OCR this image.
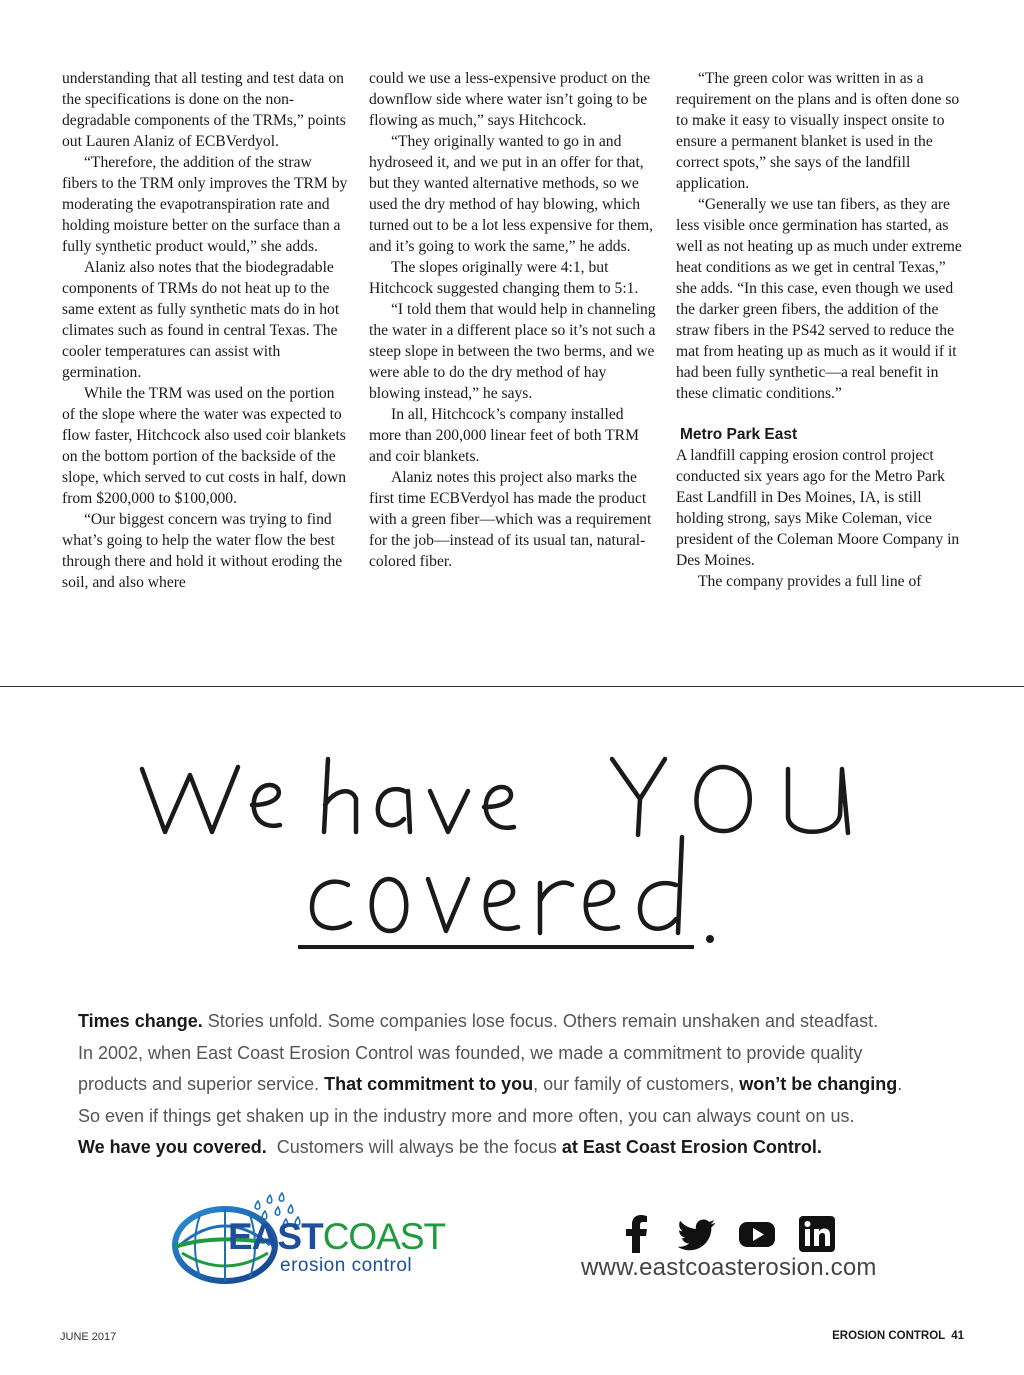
understanding that all testing and test data on the specifications is done on the non-degradable components of the TRMs,” points out Lauren Alaniz of ECBVerdyol.

“Therefore, the addition of the straw fibers to the TRM only improves the TRM by moderating the evapotranspiration rate and holding moisture better on the surface than a fully synthetic product would,” she adds.

Alaniz also notes that the biodegradable components of TRMs do not heat up to the same extent as fully synthetic mats do in hot climates such as found in central Texas. The cooler temperatures can assist with germination.

While the TRM was used on the portion of the slope where the water was expected to flow faster, Hitchcock also used coir blankets on the bottom portion of the backside of the slope, which served to cut costs in half, down from $200,000 to $100,000.

“Our biggest concern was trying to find what’s going to help the water flow the best through there and hold it without eroding the soil, and also where

could we use a less-expensive product on the downflow side where water isn’t going to be flowing as much,” says Hitchcock.

“They originally wanted to go in and hydroseed it, and we put in an offer for that, but they wanted alternative methods, so we used the dry method of hay blowing, which turned out to be a lot less expensive for them, and it’s going to work the same,” he adds.

The slopes originally were 4:1, but Hitchcock suggested changing them to 5:1.

“I told them that would help in channeling the water in a different place so it’s not such a steep slope in between the two berms, and we were able to do the dry method of hay blowing instead,” he says.

In all, Hitchcock’s company installed more than 200,000 linear feet of both TRM and coir blankets.

Alaniz notes this project also marks the first time ECBVerdyol has made the product with a green fiber—which was a requirement for the job—instead of its usual tan, natural-colored fiber.

“The green color was written in as a requirement on the plans and is often done so to make it easy to visually inspect onsite to ensure a permanent blanket is used in the correct spots,” she says of the landfill application.

“Generally we use tan fibers, as they are less visible once germination has started, as well as not heating up as much under extreme heat conditions as we get in central Texas,” she adds. “In this case, even though we used the darker green fibers, the addition of the straw fibers in the PS42 served to reduce the mat from heating up as much as it would if it had been fully synthetic—a real benefit in these climatic conditions.”

Metro Park East

A landfill capping erosion control project conducted six years ago for the Metro Park East Landfill in Des Moines, IA, is still holding strong, says Mike Coleman, vice president of the Coleman Moore Company in Des Moines.

The company provides a full line of

Times change. Stories unfold. Some companies lose focus. Others remain unshaken and steadfast.

In 2002, when East Coast Erosion Control was founded, we made a commitment to provide quality

products and superior service. That commitment to you, our family of customers, won’t be changing.

So even if things get shaken up in the industry more and more often, you can always count on us.

We have you covered.  Customers will always be the focus at East Coast Erosion Control.

EASTCOAST
erosion control	www.eastcoasterosion.com
JUNE 2017	EROSION CONTROL 41
